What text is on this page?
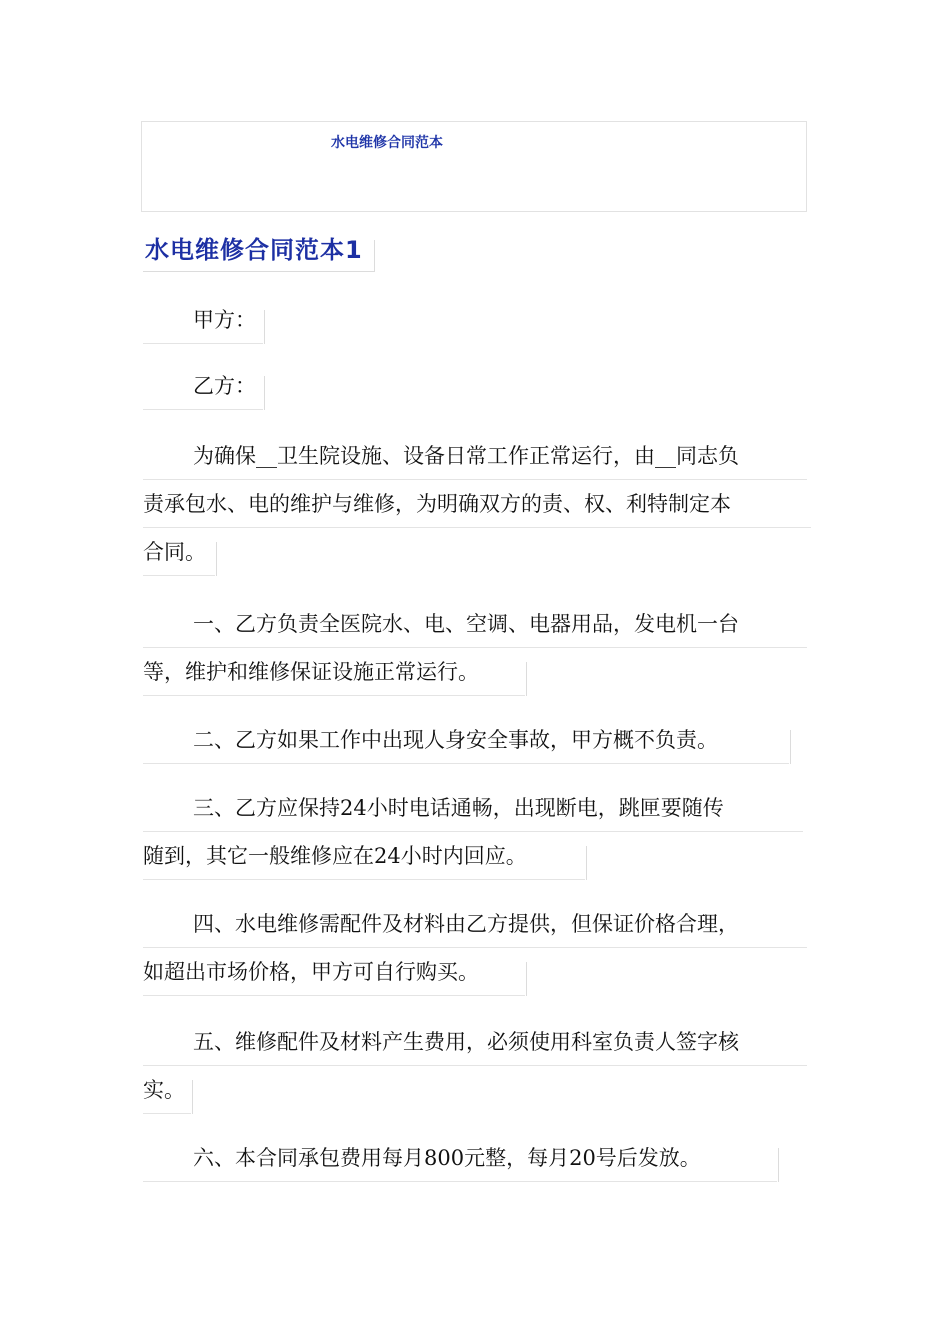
水电维修合同范本
水电维修合同范本1
甲方：
乙方：
为确保__卫生院设施、设备日常工作正常运行，由__同志负
责承包水、电的维护与维修，为明确双方的责、权、利特制定本
合同。
一、乙方负责全医院水、电、空调、电器用品，发电机一台
等，维护和维修保证设施正常运行。
二、乙方如果工作中出现人身安全事故，甲方概不负责。
三、乙方应保持24小时电话通畅，出现断电，跳匣要随传
随到，其它一般维修应在24小时内回应。
四、水电维修需配件及材料由乙方提供，但保证价格合理，
如超出市场价格，甲方可自行购买。
五、维修配件及材料产生费用，必须使用科室负责人签字核
实。
六、本合同承包费用每月800元整，每月20号后发放。
